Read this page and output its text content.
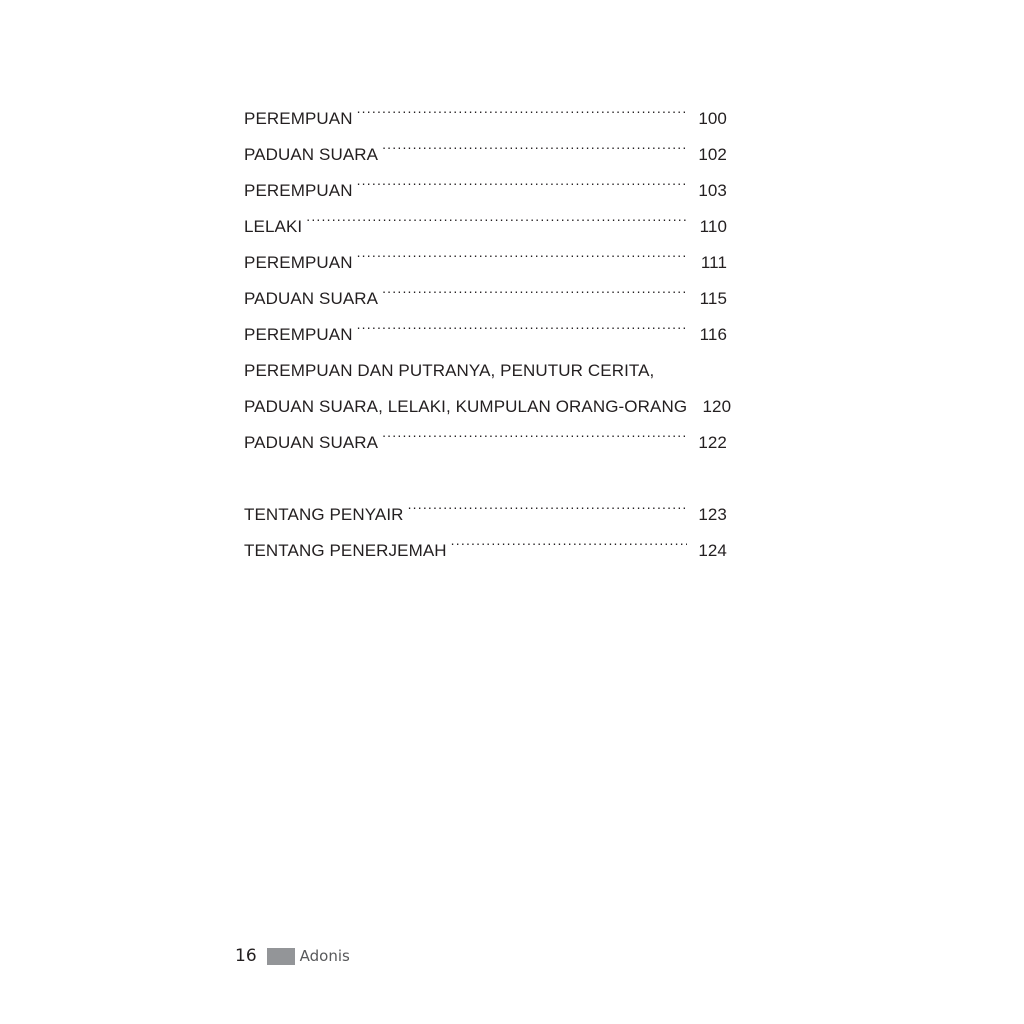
PEREMPUAN .....	100
PADUAN SUARA .....	102
PEREMPUAN .....	103
LELAKI .....	110
PEREMPUAN .....	111
PADUAN SUARA .....	115
PEREMPUAN .....	116
PEREMPUAN DAN PUTRANYA, PENUTUR CERITA,
PADUAN SUARA, LELAKI, KUMPULAN ORANG-ORANG 120
PADUAN SUARA .....	122
TENTANG PENYAIR .....	123
TENTANG PENERJEMAH .....	124
16	Adonis
